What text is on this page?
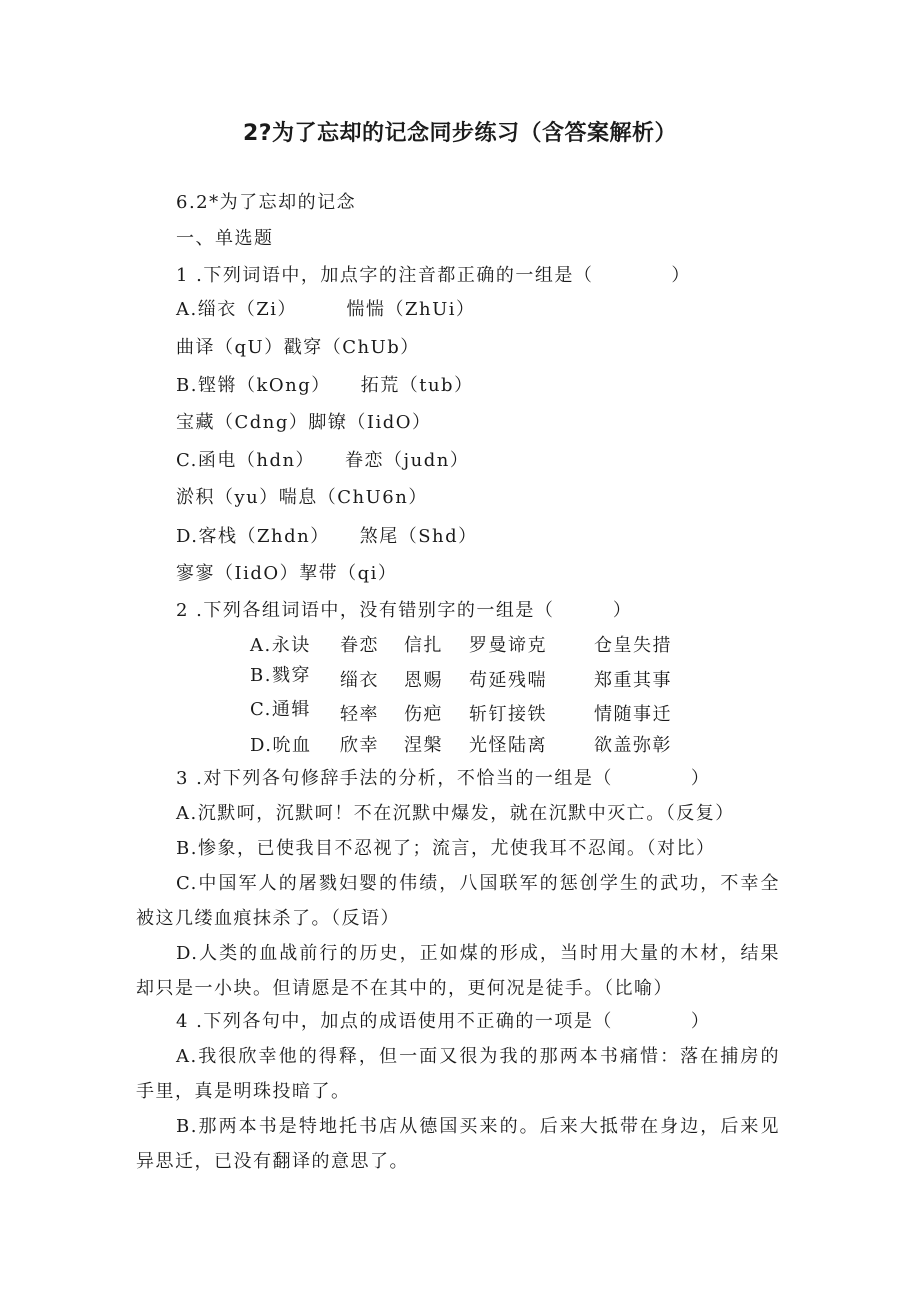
2?为了忘却的记念同步练习（含答案解析）
6.2*为了忘却的记念
一、单选题
1 .下列词语中，加点字的注音都正确的一组是（　　　　）
A.缁衣（Zi）　　　惴惴（ZhUi）
曲译（qU）戳穿（ChUb）
B.铿锵（kOng）　　拓荒（tub）
宝藏（Cdng）脚镣（IidO）
C.函电（hdn）　　眷恋（judn）
淤积（yu）喘息（ChU6n）
D.客栈（Zhdn）　　煞尾（Shd）
寥寥（IidO）挈带（qi）
2 .下列各组词语中，没有错别字的一组是（　　　）
A.永诀 眷恋 信扎 罗曼谛克	仓皇失措
B.戮穿 缁衣 恩赐 苟延残喘	郑重其事
C.通辑 轻率 伤疤 斩钉接铁	情随事迁
D.吮血 欣幸 涅槃 光怪陆离	欲盖弥彰
3 .对下列各句修辞手法的分析，不恰当的一组是（　　　　）
A.沉默呵，沉默呵！不在沉默中爆发，就在沉默中灭亡。（反复）
B.惨象，已使我目不忍视了；流言，尤使我耳不忍闻。（对比）
C.中国军人的屠戮妇婴的伟绩，八国联军的惩创学生的武功，不幸全被这几缕血痕抹杀了。（反语）
D.人类的血战前行的历史，正如煤的形成，当时用大量的木材，结果却只是一小块。但请愿是不在其中的，更何况是徒手。（比喻）
4 .下列各句中，加点的成语使用不正确的一项是（　　　　）
A.我很欣幸他的得释，但一面又很为我的那两本书痛惜：落在捕房的手里，真是明珠投暗了。
B.那两本书是特地托书店从德国买来的。后来大抵带在身边，后来见异思迁，已没有翻译的意思了。
